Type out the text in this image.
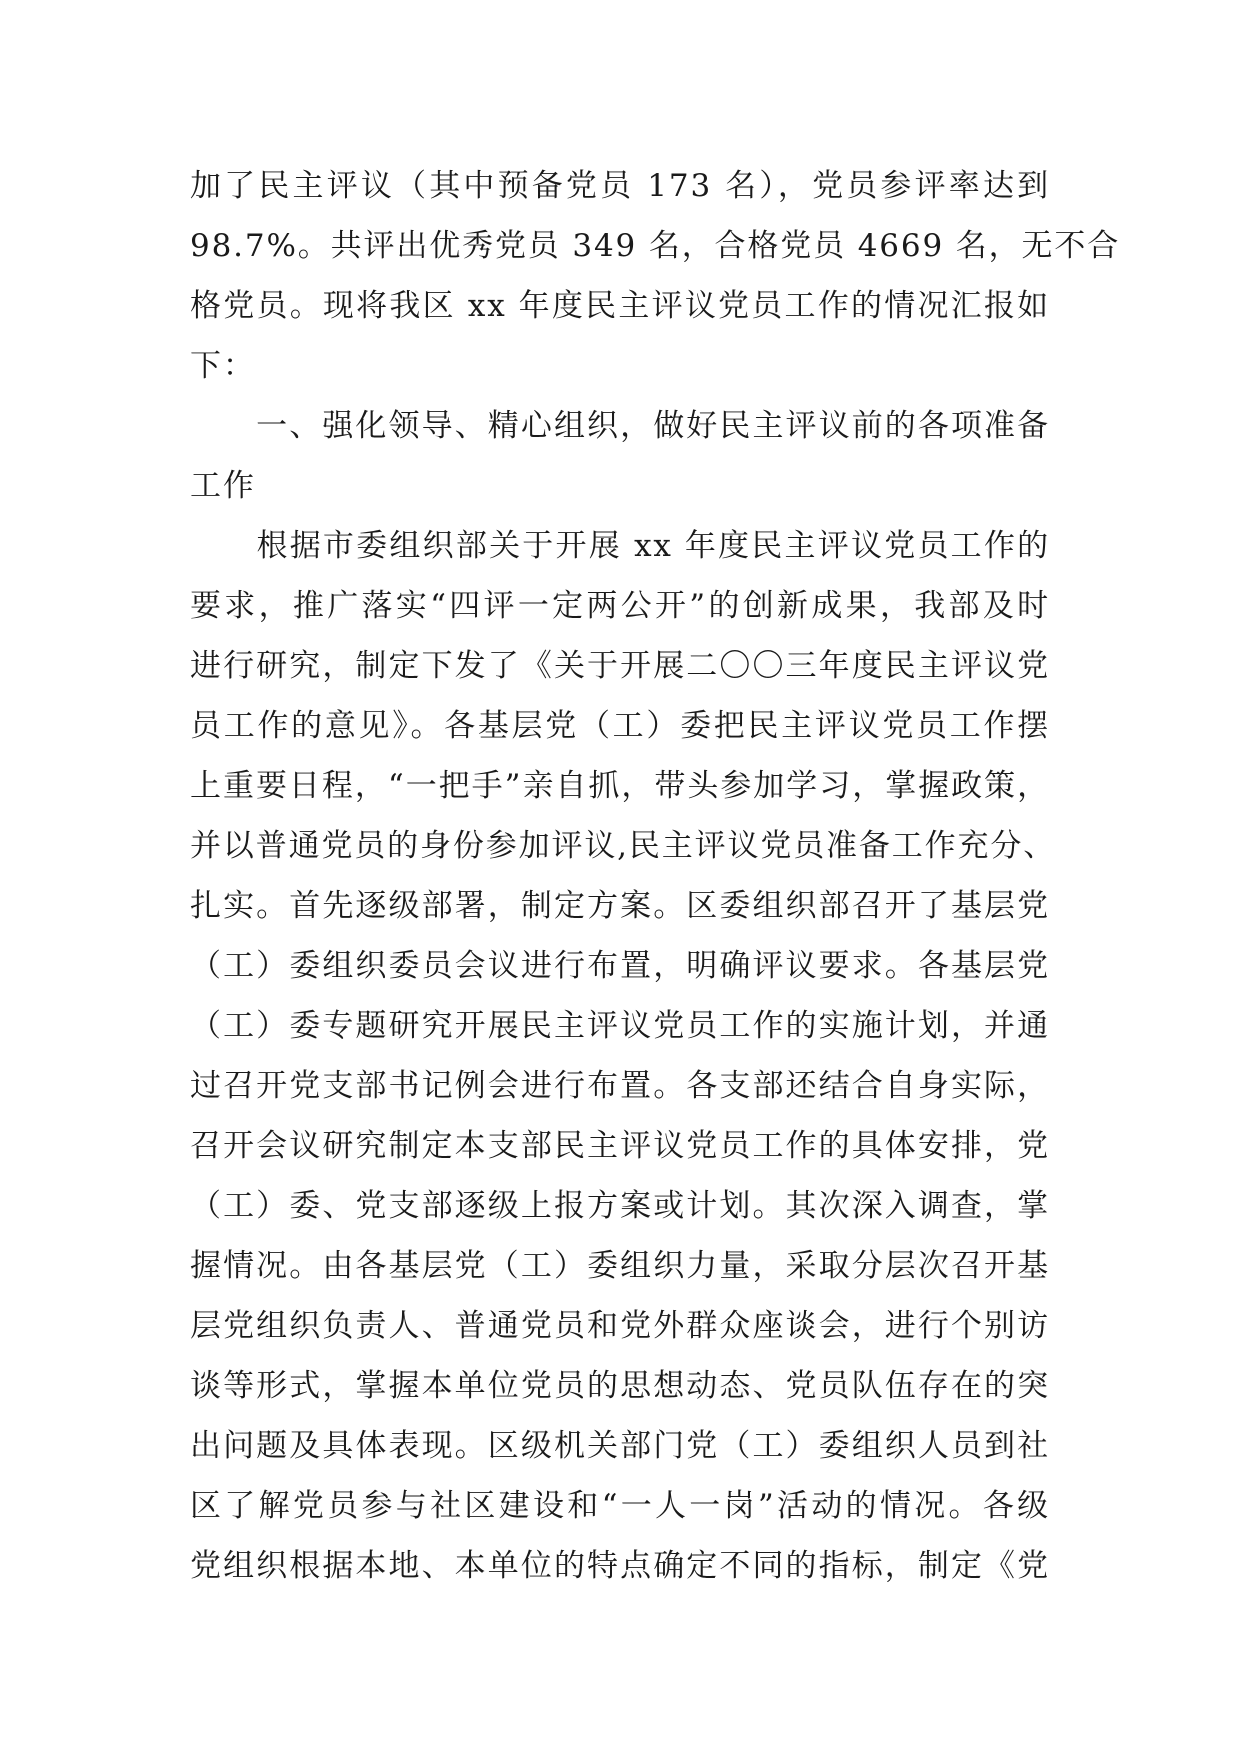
加了民主评议（其中预备党员 173 名），党员参评率达到
98.7%。共评出优秀党员 349 名，合格党员 4669 名，无不合
格党员。现将我区 xx 年度民主评议党员工作的情况汇报如
下：
　　一、强化领导、精心组织，做好民主评议前的各项准备
工作
　　根据市委组织部关于开展 xx 年度民主评议党员工作的
要求，推广落实“四评一定两公开”的创新成果，我部及时
进行研究，制定下发了《关于开展二〇〇三年度民主评议党
员工作的意见》。各基层党（工）委把民主评议党员工作摆
上重要日程，“一把手”亲自抓，带头参加学习，掌握政策，
并以普通党员的身份参加评议,民主评议党员准备工作充分、
扎实。首先逐级部署，制定方案。区委组织部召开了基层党
（工）委组织委员会议进行布置，明确评议要求。各基层党
（工）委专题研究开展民主评议党员工作的实施计划，并通
过召开党支部书记例会进行布置。各支部还结合自身实际，
召开会议研究制定本支部民主评议党员工作的具体安排，党
（工）委、党支部逐级上报方案或计划。其次深入调查，掌
握情况。由各基层党（工）委组织力量，采取分层次召开基
层党组织负责人、普通党员和党外群众座谈会，进行个别访
谈等形式，掌握本单位党员的思想动态、党员队伍存在的突
出问题及具体表现。区级机关部门党（工）委组织人员到社
区了解党员参与社区建设和“一人一岗”活动的情况。各级
党组织根据本地、本单位的特点确定不同的指标，制定《党
